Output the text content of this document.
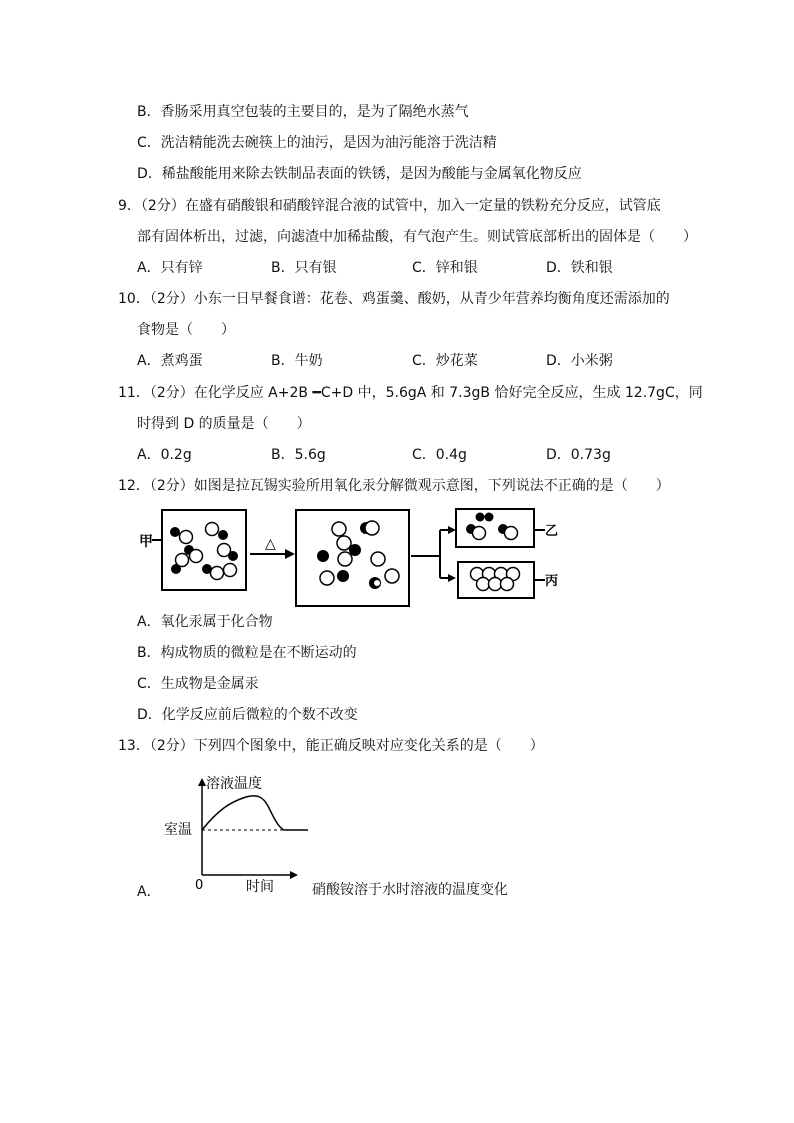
B．香肠采用真空包装的主要目的，是为了隔绝水蒸气
C．洗洁精能洗去碗筷上的油污，是因为油污能溶于洗洁精
D．稀盐酸能用来除去铁制品表面的铁锈，是因为酸能与金属氧化物反应
9．（2分）在盛有硝酸银和硝酸锌混合液的试管中，加入一定量的铁粉充分反应，试管底
部有固体析出，过滤，向滤渣中加稀盐酸，有气泡产生。则试管底部析出的固体是（　　）
A．只有锌	B．只有银	C．锌和银	D．铁和银
10．（2分）小东一日早餐食谱：花卷、鸡蛋羹、酸奶，从青少年营养均衡角度还需添加的
食物是（　　）
A．煮鸡蛋	B．牛奶	C．炒花菜	D．小米粥
11．（2分）在化学反应 A+2B ━C+D 中，5.6gA 和 7.3gB 恰好完全反应，生成 12.7gC，同
时得到 D 的质量是（　　）
A．0.2g	B．5.6g	C．0.4g	D．0.73g
12．（2分）如图是拉瓦锡实验所用氧化汞分解微观示意图，下列说法不正确的是（　　）
甲	△
乙
丙
A．氧化汞属于化合物
B．构成物质的微粒是在不断运动的
C．生成物是金属汞
D．化学反应前后微粒的个数不改变
13．（2分）下列四个图象中，能正确反映对应变化关系的是（　　）
溶液温度
室温
0	时间
A．	硝酸铵溶于水时溶液的温度变化
